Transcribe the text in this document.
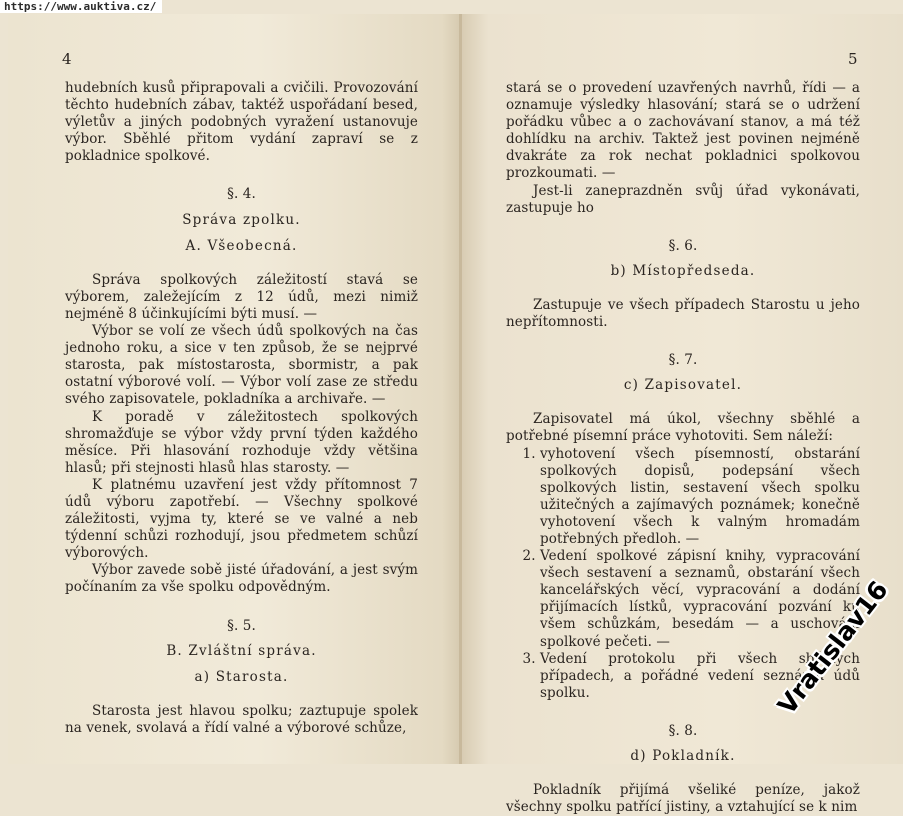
4

hudebních kusů připrapovali a cvičili. Provozování těchto hudebních zábav, taktéž uspořádaní besed, výletův a jiných podobných vyražení ustanovuje výbor. Sběhlé přitom vydání zapraví se z pokladnice spolkové.

§. 4.

Správa zpolku.

A. Všeobecná.

Správa spolkových záležitostí stavá se výborem, zaležejícím z 12 údů, mezi nimiž nejméně 8 účinkujícími býti musí. —

Výbor se volí ze všech údů spolkových na čas jednoho roku, a sice v ten způsob, že se nejprvé starosta, pak místostarosta, sbormistr, a pak ostatní výborové volí. — Výbor volí zase ze středu svého zapisovatele, pokladníka a archivaře. —

K poradě v záležitostech spolkových shromažďuje se výbor vždy první týden každého měsíce. Při hlasování rozhoduje vždy většina hlasů; při stejnosti hlasů hlas starosty. —

K platnému uzavření jest vždy přítomnost 7 údů výboru zapotřebí. — Všechny spolkové záležitosti, vyjma ty, které se ve valné a neb týdenní schůzi rozhodují, jsou předmetem schůzí výborových.

Výbor zavede sobě jisté úřadování, a jest svým počínaním za vše spolku odpovědným.

§. 5.

B. Zvláštní správa.

a) Starosta.

Starosta jest hlavou spolku; zaztupuje spolek na venek, svolavá a řídí valné a výborové schůze,

5

stará se o provedení uzavřených navrhů, řídi — a oznamuje výsledky hlasování; stará se o udržení pořádku vůbec a o zachovávaní stanov, a má též dohlídku na archiv. Taktež jest povinen nejméně dvakráte za rok nechat pokladnici spolkovou prozkoumati. —

Jest-li zaneprazdněn svůj úřad vykonávati, zastupuje ho

§. 6.

b) Místopředseda.

Zastupuje ve všech případech Starostu u jeho nepřítomnosti.

§. 7.

c) Zapisovatel.

Zapisovatel má úkol, všechny sběhlé a potřebné písemní práce vyhotoviti. Sem náleží:

1. vyhotovení všech písemností, obstarání spolkových dopisů, podepsání všech spolkových listin, sestavení všech spolku užitečných a zajímavých poznámek; konečně vyhotovení všech k valným hromadám potřebných předloh. —
2. Vedení spolkové zápisní knihy, vypracování všech sestavení a seznamů, obstarání všech kancelářských věcí, vypracování a dodání přijímacích lístků, vypracování pozvání ku všem schůzkám, besedám — a uschování spolkové pečeti. —
3. Vedení protokolu při všech sběhlých případech, a pořádné vedení seznámu údů spolku.

§. 8.

d) Pokladník.

Pokladník přijímá všeliké peníze, jakož všechny spolku patřící jistiny, a vztahující se k nim

https://www.auktiva.cz/
Vratislav16
